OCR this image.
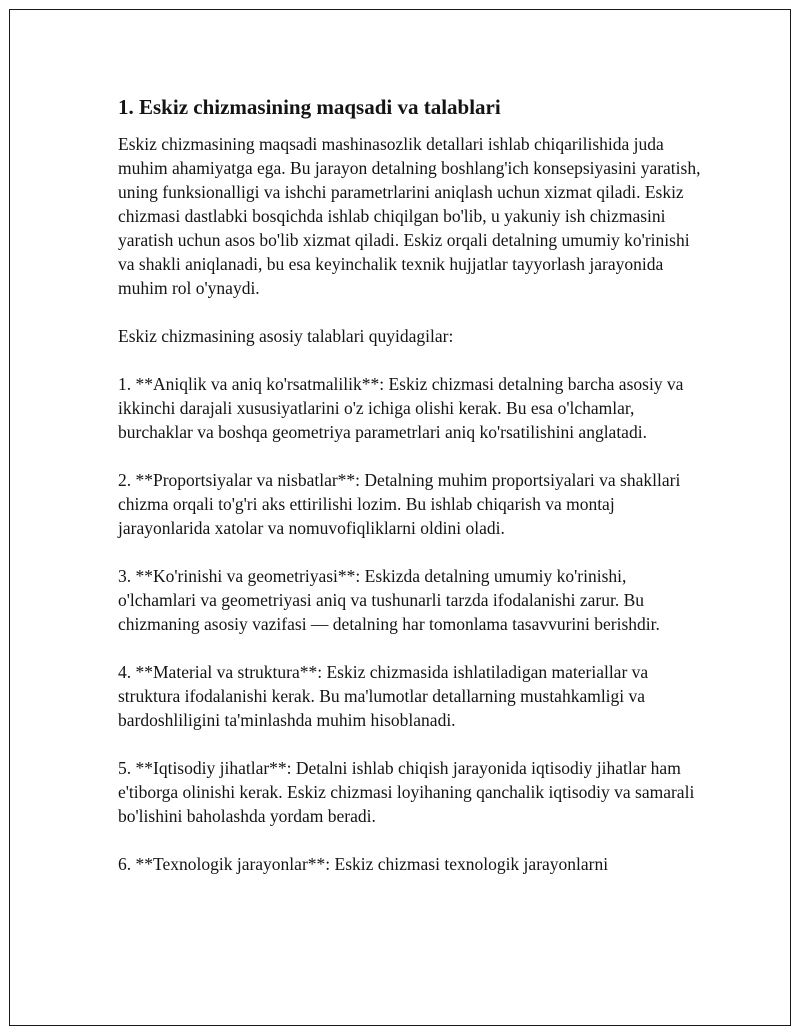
1. Eskiz chizmasining maqsadi va talablari

Eskiz chizmasining maqsadi mashinasozlik detallari ishlab chiqarilishida juda muhim ahamiyatga ega. Bu jarayon detalning boshlang'ich konsepsiyasini yaratish, uning funksionalligi va ishchi parametrlarini aniqlash uchun xizmat qiladi. Eskiz chizmasi dastlabki bosqichda ishlab chiqilgan bo'lib, u yakuniy ish chizmasini yaratish uchun asos bo'lib xizmat qiladi. Eskiz orqali detalning umumiy ko'rinishi va shakli aniqlanadi, bu esa keyinchalik texnik hujjatlar tayyorlash jarayonida muhim rol o'ynaydi.

Eskiz chizmasining asosiy talablari quyidagilar:

1. **Aniqlik va aniq ko'rsatmalilik**: Eskiz chizmasi detalning barcha asosiy va ikkinchi darajali xususiyatlarini o'z ichiga olishi kerak. Bu esa o'lchamlar, burchaklar va boshqa geometriya parametrlari aniq ko'rsatilishini anglatadi.

2. **Proportsiyalar va nisbatlar**: Detalning muhim proportsiyalari va shakllari chizma orqali to'g'ri aks ettirilishi lozim. Bu ishlab chiqarish va montaj jarayonlarida xatolar va nomuvofiqliklarni oldini oladi.

3. **Ko'rinishi va geometriyasi**: Eskizda detalning umumiy ko'rinishi, o'lchamlari va geometriyasi aniq va tushunarli tarzda ifodalanishi zarur. Bu chizmaning asosiy vazifasi — detalning har tomonlama tasavvurini berishdir.

4. **Material va struktura**: Eskiz chizmasida ishlatiladigan materiallar va struktura ifodalanishi kerak. Bu ma'lumotlar detallarning mustahkamligi va bardoshliligini ta'minlashda muhim hisoblanadi.

5. **Iqtisodiy jihatlar**: Detalni ishlab chiqish jarayonida iqtisodiy jihatlar ham e'tiborga olinishi kerak. Eskiz chizmasi loyihaning qanchalik iqtisodiy va samarali bo'lishini baholashda yordam beradi.

6. **Texnologik jarayonlar**: Eskiz chizmasi texnologik jarayonlarni
